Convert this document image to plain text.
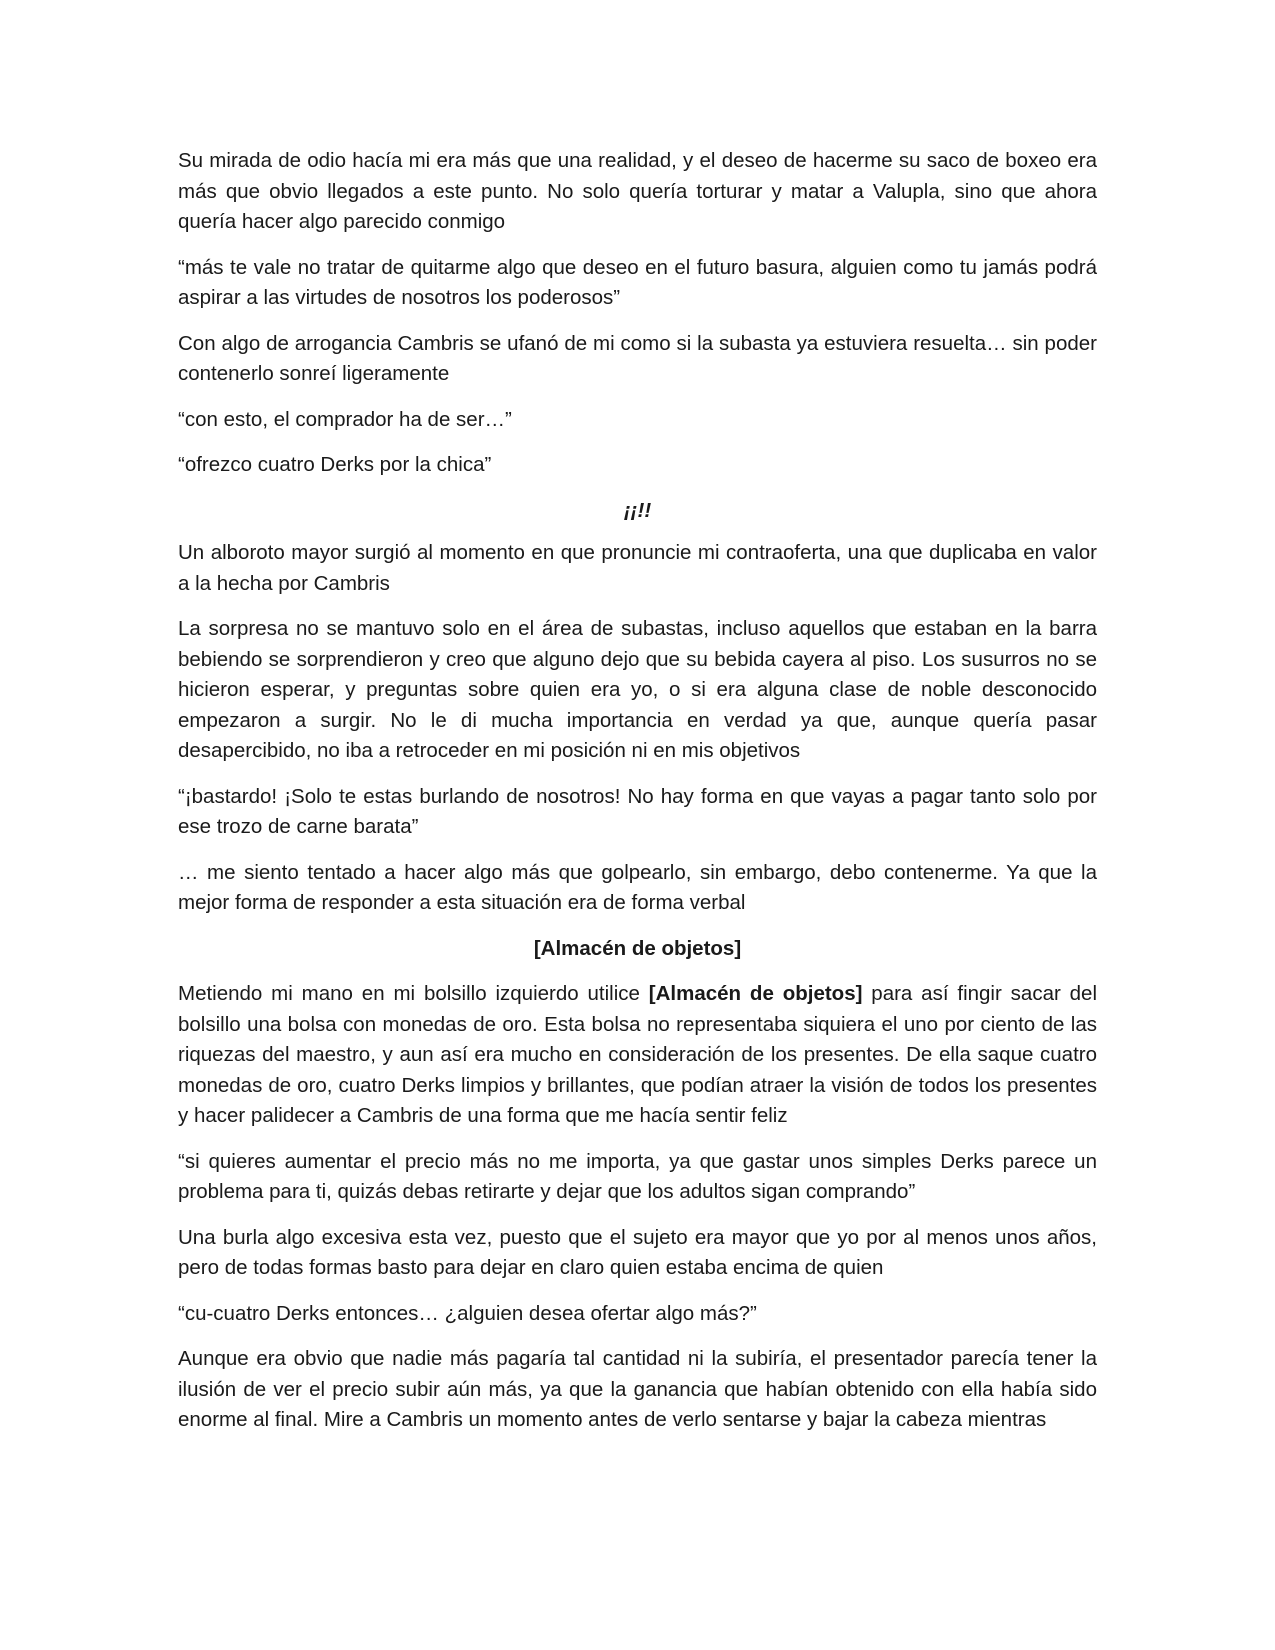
Su mirada de odio hacía mi era más que una realidad, y el deseo de hacerme su saco de boxeo era más que obvio llegados a este punto. No solo quería torturar y matar a Valupla, sino que ahora quería hacer algo parecido conmigo

“más te vale no tratar de quitarme algo que deseo en el futuro basura, alguien como tu jamás podrá aspirar a las virtudes de nosotros los poderosos”

Con algo de arrogancia Cambris se ufanó de mi como si la subasta ya estuviera resuelta… sin poder contenerlo sonreí ligeramente

“con esto, el comprador ha de ser…”

“ofrezco cuatro Derks por la chica”

¡¡!!

Un alboroto mayor surgió al momento en que pronuncie mi contraoferta, una que duplicaba en valor a la hecha por Cambris

La sorpresa no se mantuvo solo en el área de subastas, incluso aquellos que estaban en la barra bebiendo se sorprendieron y creo que alguno dejo que su bebida cayera al piso. Los susurros no se hicieron esperar, y preguntas sobre quien era yo, o si era alguna clase de noble desconocido empezaron a surgir. No le di mucha importancia en verdad ya que, aunque quería pasar desapercibido, no iba a retroceder en mi posición ni en mis objetivos

“¡bastardo! ¡Solo te estas burlando de nosotros! No hay forma en que vayas a pagar tanto solo por ese trozo de carne barata”

… me siento tentado a hacer algo más que golpearlo, sin embargo, debo contenerme. Ya que la mejor forma de responder a esta situación era de forma verbal

[Almacén de objetos]

Metiendo mi mano en mi bolsillo izquierdo utilice [Almacén de objetos] para así fingir sacar del bolsillo una bolsa con monedas de oro. Esta bolsa no representaba siquiera el uno por ciento de las riquezas del maestro, y aun así era mucho en consideración de los presentes. De ella saque cuatro monedas de oro, cuatro Derks limpios y brillantes, que podían atraer la visión de todos los presentes y hacer palidecer a Cambris de una forma que me hacía sentir feliz

“si quieres aumentar el precio más no me importa, ya que gastar unos simples Derks parece un problema para ti, quizás debas retirarte y dejar que los adultos sigan comprando”

Una burla algo excesiva esta vez, puesto que el sujeto era mayor que yo por al menos unos años, pero de todas formas basto para dejar en claro quien estaba encima de quien

“cu-cuatro Derks entonces… ¿alguien desea ofertar algo más?”

Aunque era obvio que nadie más pagaría tal cantidad ni la subiría, el presentador parecía tener la ilusión de ver el precio subir aún más, ya que la ganancia que habían obtenido con ella había sido enorme al final. Mire a Cambris un momento antes de verlo sentarse y bajar la cabeza mientras
